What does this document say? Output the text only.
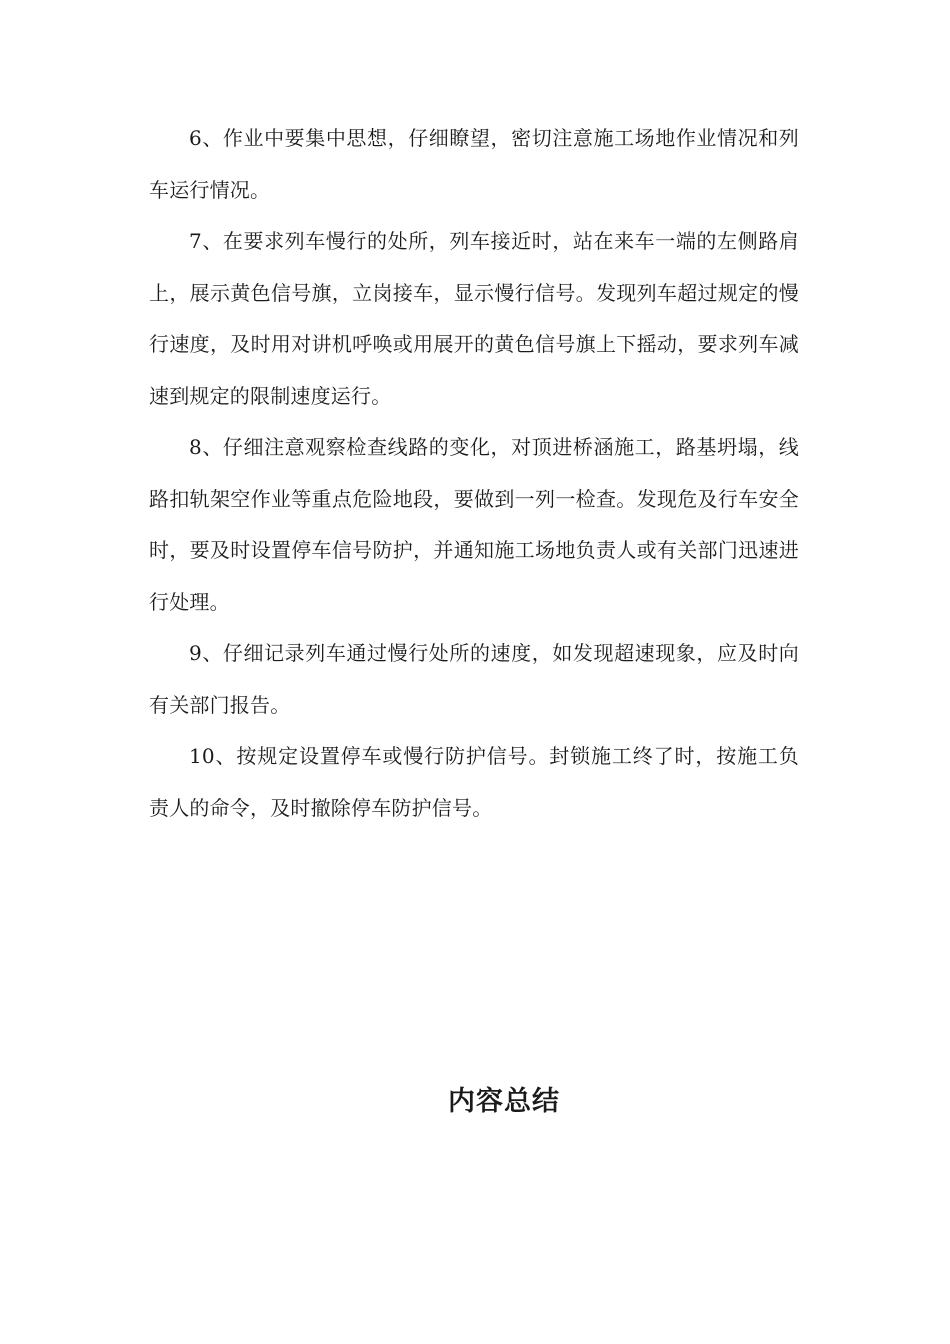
6、作业中要集中思想，仔细瞭望，密切注意施工场地作业情况和列车运行情况。

7、在要求列车慢行的处所，列车接近时，站在来车一端的左侧路肩上，展示黄色信号旗，立岗接车，显示慢行信号。发现列车超过规定的慢行速度，及时用对讲机呼唤或用展开的黄色信号旗上下摇动，要求列车减速到规定的限制速度运行。

8、仔细注意观察检查线路的变化，对顶进桥涵施工，路基坍塌，线路扣轨架空作业等重点危险地段，要做到一列一检查。发现危及行车安全时，要及时设置停车信号防护，并通知施工场地负责人或有关部门迅速进行处理。

9、仔细记录列车通过慢行处所的速度，如发现超速现象，应及时向有关部门报告。

10、按规定设置停车或慢行防护信号。封锁施工终了时，按施工负责人的命令，及时撤除停车防护信号。

内容总结
